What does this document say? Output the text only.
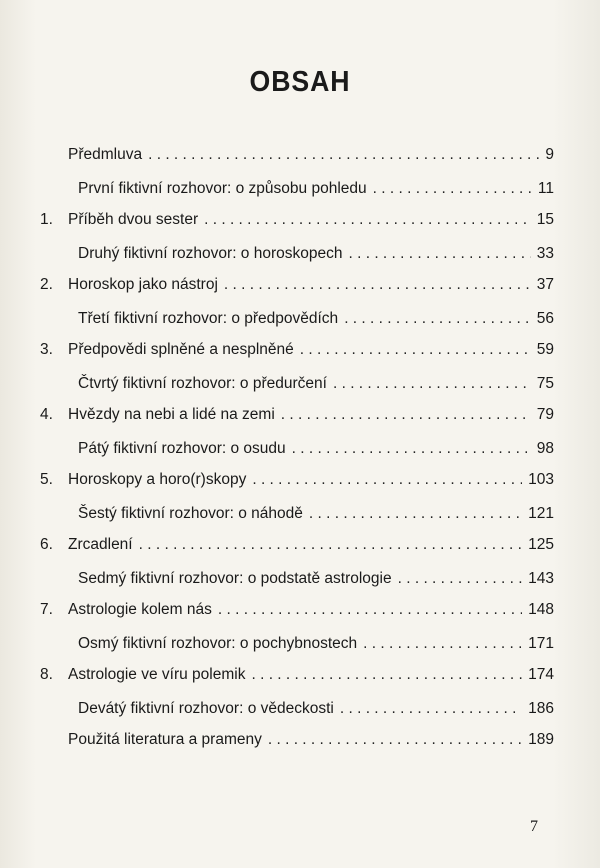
OBSAH
Předmluva . . .	9
První fiktivní rozhovor: o způsobu pohledu . . .	11
1. Příběh dvou sester . . .	15
Druhý fiktivní rozhovor: o horoskopech . . .	33
2. Horoskop jako nástroj . . .	37
Třetí fiktivní rozhovor: o předpovědích . . .	56
3. Předpovědi splněné a nesplněné . . .	59
Čtvrtý fiktivní rozhovor: o předurčení . . .	75
4. Hvězdy na nebi a lidé na zemi . . .	79
Pátý fiktivní rozhovor: o osudu . . .	98
5. Horoskopy a horo(r)skopy . . .	103
Šestý fiktivní rozhovor: o náhodě . . .	121
6. Zrcadlení . . .	125
Sedmý fiktivní rozhovor: o podstatě astrologie . . .	143
7. Astrologie kolem nás . . .	148
Osmý fiktivní rozhovor: o pochybnostech . . .	171
8. Astrologie ve víru polemik . . .	174
Devátý fiktivní rozhovor: o vědeckosti . . .	186
Použitá literatura a prameny . . .	189
7
